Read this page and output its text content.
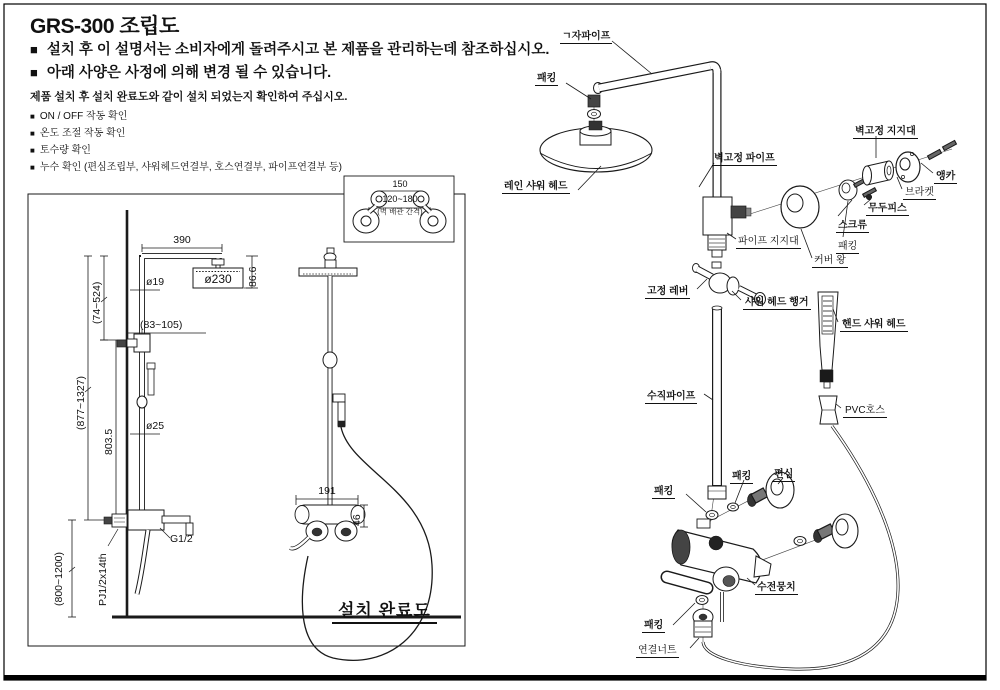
GRS-300 조립도
■ 설치 후 이 설명서는 소비자에게 돌려주시고 본 제품을 관리하는데 참조하십시오.
■ 아래 사양은 사정에 의해 변경 될 수 있습니다.
제품 설치 후 설치 완료도와 같이 설치 되었는지 확인하여 주십시오.
■ ON / OFF 작동 확인
■ 온도 조절 작동 확인
■ 토수량 확인
■ 누수 확인 (편심조립부, 샤워헤드연결부, 호스연결부, 파이프연결부 등)
390
86.6
ø19	ø230
(83~105)
(74~524)
(877~1327)
803.5
ø25
G1/2
PJ1/2x14th
(800~1200)
191
46
150
120~180
(벽 배관 간격)
설치 완료도
ㄱ자파이프
패킹
레인 샤워 헤드
벽고정 파이프
벽고정 지지대
앵카
브라켓
무두피스
스크류
패킹
파이프 지지대
커버 왕
고정 레버
샤워 헤드 행거
핸드 샤워 헤드
수직파이프
PVC호스
패킹
패킹 편심
수전뭉치
패킹
연결너트
